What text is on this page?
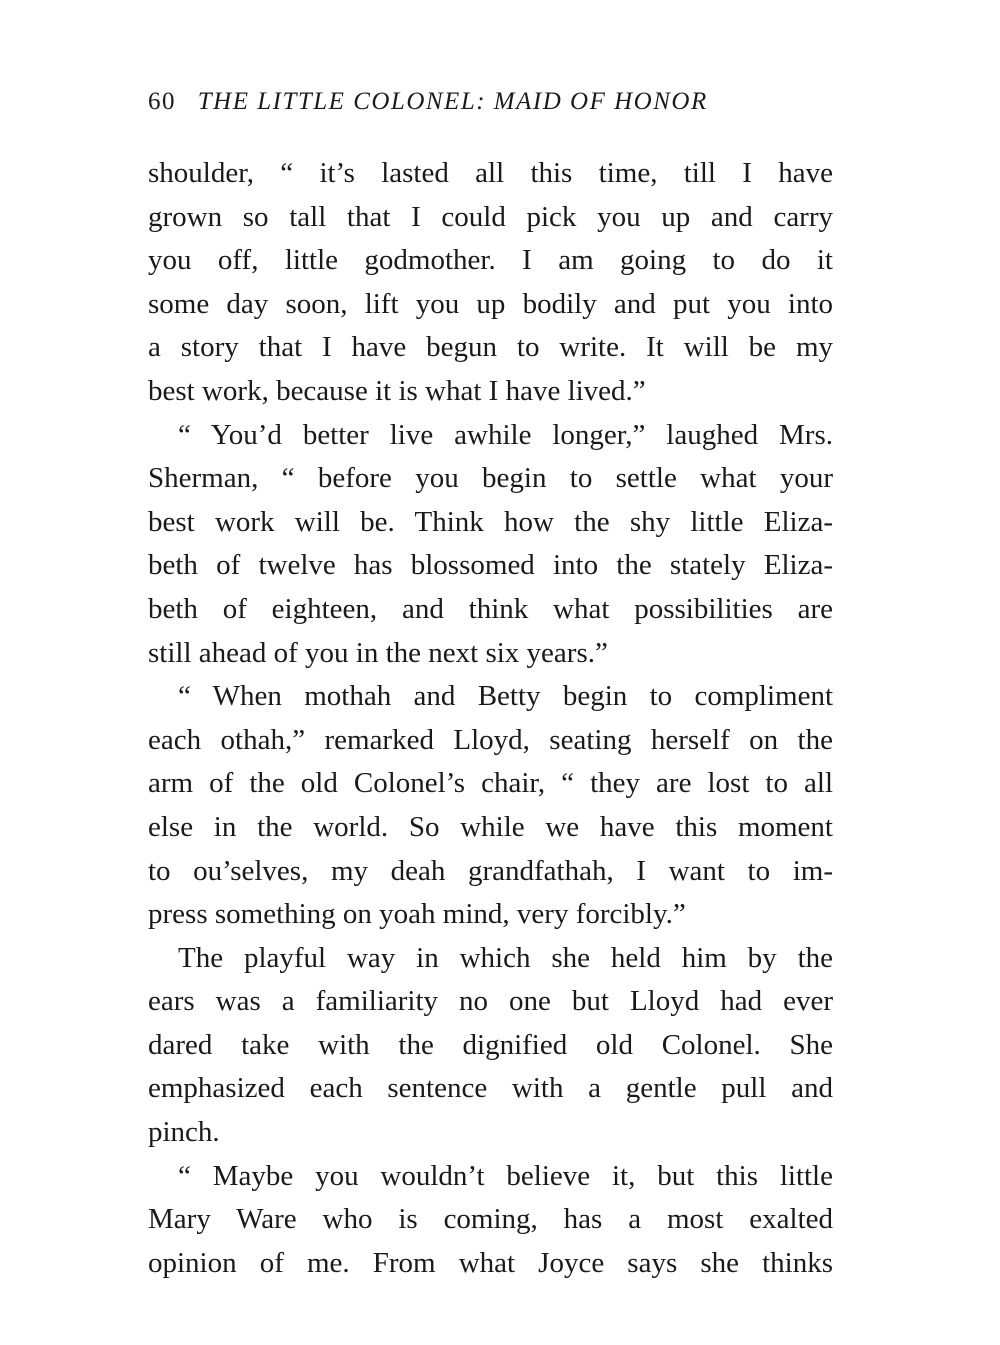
60 THE LITTLE COLONEL: MAID OF HONOR
shoulder, “ it’s lasted all this time, till I have
grown so tall that I could pick you up and carry
you off, little godmother. I am going to do it
some day soon, lift you up bodily and put you into
a story that I have begun to write. It will be my
best work, because it is what I have lived.”
“ You’d better live awhile longer,” laughed Mrs.
Sherman, “ before you begin to settle what your
best work will be. Think how the shy little Eliza-
beth of twelve has blossomed into the stately Eliza-
beth of eighteen, and think what possibilities are
still ahead of you in the next six years.”
“ When mothah and Betty begin to compliment
each othah,” remarked Lloyd, seating herself on the
arm of the old Colonel’s chair, “ they are lost to all
else in the world. So while we have this moment
to ou’selves, my deah grandfathah, I want to im-
press something on yoah mind, very forcibly.”
The playful way in which she held him by the
ears was a familiarity no one but Lloyd had ever
dared take with the dignified old Colonel. She
emphasized each sentence with a gentle pull and
pinch.
“ Maybe you wouldn’t believe it, but this little
Mary Ware who is coming, has a most exalted
opinion of me. From what Joyce says she thinks
